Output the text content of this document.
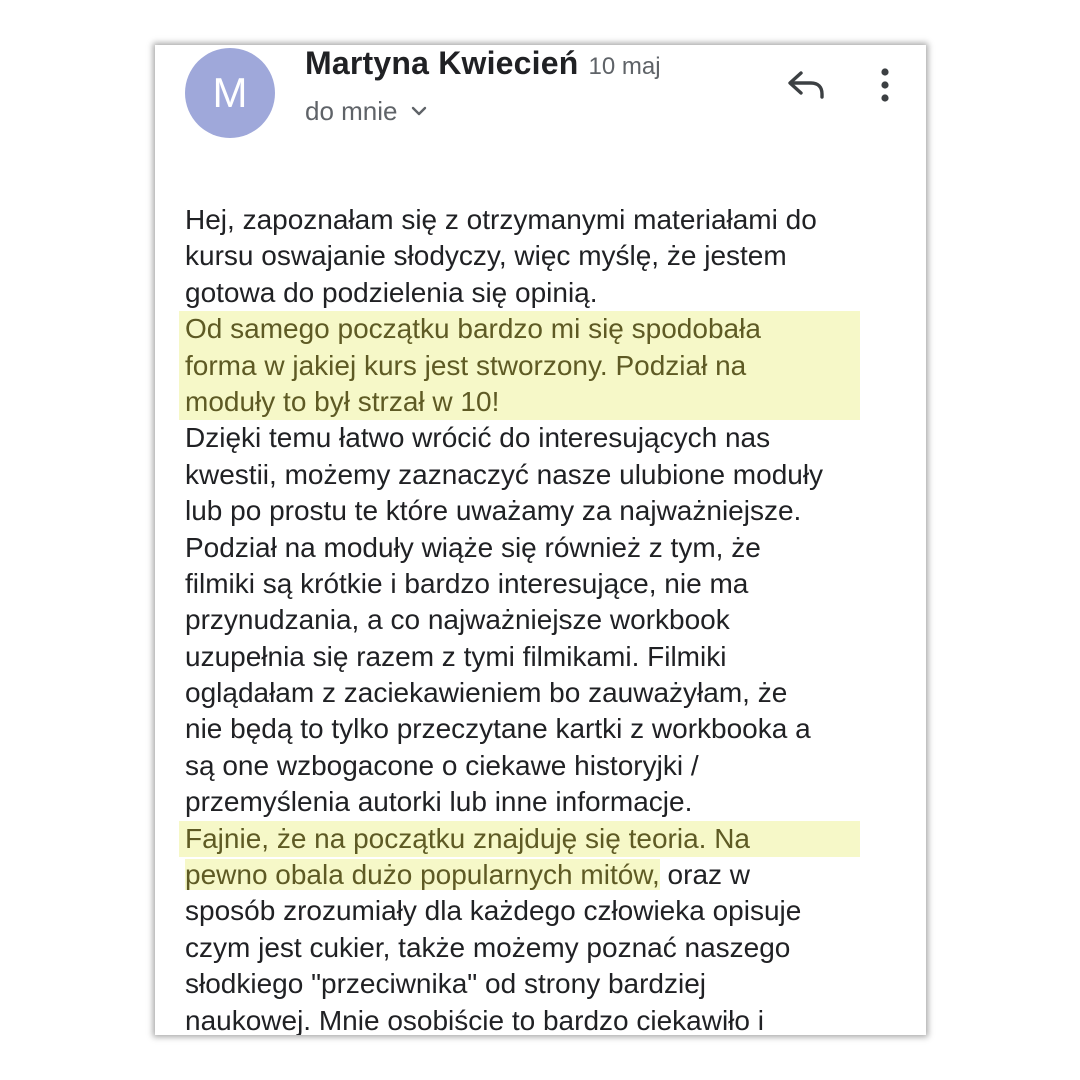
M
Martyna Kwiecień 10 maj
do mnie
Hej, zapoznałam się z otrzymanymi materiałami do
kursu oswajanie słodyczy, więc myślę, że jestem
gotowa do podzielenia się opinią.
Od samego początku bardzo mi się spodobała
forma w jakiej kurs jest stworzony. Podział na
moduły to był strzał w 10!
Dzięki temu łatwo wrócić do interesujących nas
kwestii, możemy zaznaczyć nasze ulubione moduły
lub po prostu te które uważamy za najważniejsze.
Podział na moduły wiąże się również z tym, że
filmiki są krótkie i bardzo interesujące, nie ma
przynudzania, a co najważniejsze workbook
uzupełnia się razem z tymi filmikami. Filmiki
oglądałam z zaciekawieniem bo zauważyłam, że
nie będą to tylko przeczytane kartki z workbooka a
są one wzbogacone o ciekawe historyjki /
przemyślenia autorki lub inne informacje.
Fajnie, że na początku znajduję się teoria. Na
pewno obala dużo popularnych mitów, oraz w
sposób zrozumiały dla każdego człowieka opisuje
czym jest cukier, także możemy poznać naszego
słodkiego "przeciwnika" od strony bardziej
naukowej. Mnie osobiście to bardzo ciekawiło i
